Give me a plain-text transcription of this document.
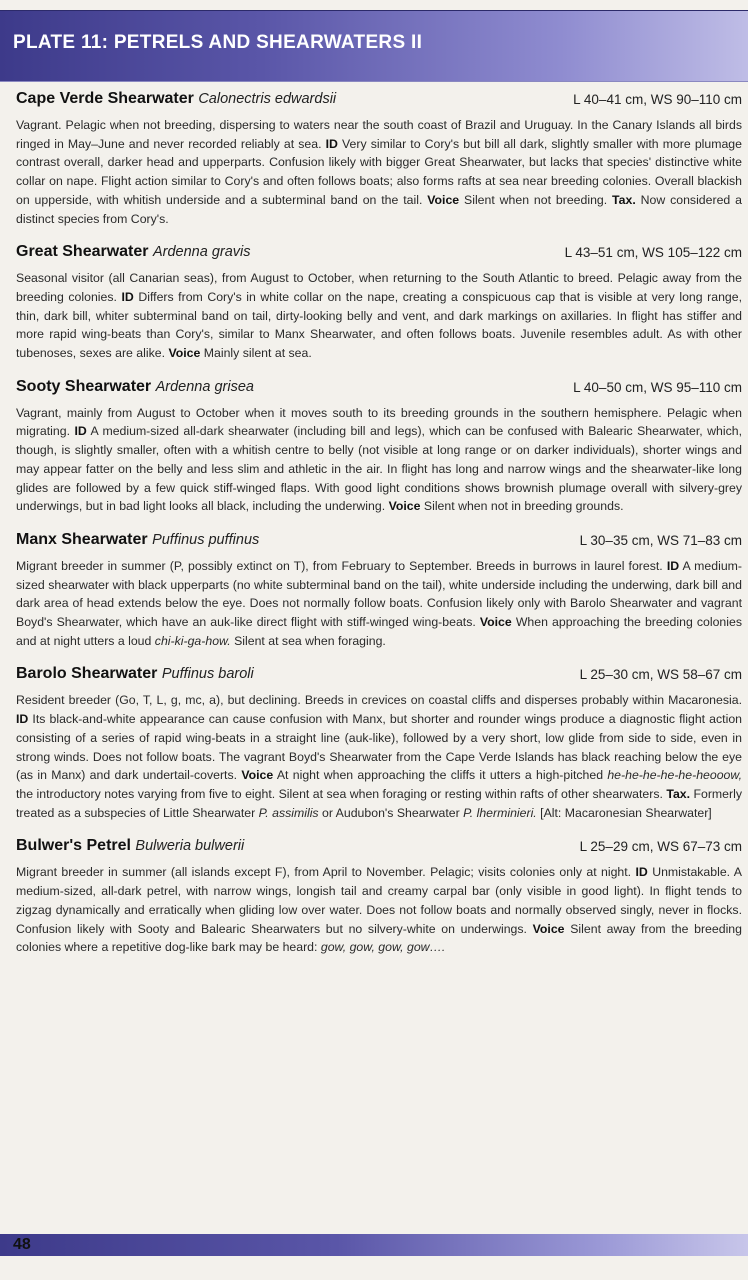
PLATE 11: PETRELS AND SHEARWATERS II
Cape Verde Shearwater Calonectris edwardsii	L 40–41 cm, WS 90–110 cm
Vagrant. Pelagic when not breeding, dispersing to waters near the south coast of Brazil and Uruguay. In the Canary Islands all birds ringed in May–June and never recorded reliably at sea. ID Very similar to Cory's but bill all dark, slightly smaller with more plumage contrast overall, darker head and upperparts. Confusion likely with bigger Great Shearwater, but lacks that species' distinctive white collar on nape. Flight action similar to Cory's and often follows boats; also forms rafts at sea near breeding colonies. Overall blackish on upperside, with whitish underside and a subterminal band on the tail. Voice Silent when not breeding. Tax. Now considered a distinct species from Cory's.
Great Shearwater Ardenna gravis	L 43–51 cm, WS 105–122 cm
Seasonal visitor (all Canarian seas), from August to October, when returning to the South Atlantic to breed. Pelagic away from the breeding colonies. ID Differs from Cory's in white collar on the nape, creating a conspicuous cap that is visible at very long range, thin, dark bill, whiter subterminal band on tail, dirty-looking belly and vent, and dark markings on axillaries. In flight has stiffer and more rapid wing-beats than Cory's, similar to Manx Shearwater, and often follows boats. Juvenile resembles adult. As with other tubenoses, sexes are alike. Voice Mainly silent at sea.
Sooty Shearwater Ardenna grisea	L 40–50 cm, WS 95–110 cm
Vagrant, mainly from August to October when it moves south to its breeding grounds in the southern hemisphere. Pelagic when migrating. ID A medium-sized all-dark shearwater (including bill and legs), which can be confused with Balearic Shearwater, which, though, is slightly smaller, often with a whitish centre to belly (not visible at long range or on darker individuals), shorter wings and may appear fatter on the belly and less slim and athletic in the air. In flight has long and narrow wings and the shearwater-like long glides are followed by a few quick stiff-winged flaps. With good light conditions shows brownish plumage overall with silvery-grey underwings, but in bad light looks all black, including the underwing. Voice Silent when not in breeding grounds.
Manx Shearwater Puffinus puffinus	L 30–35 cm, WS 71–83 cm
Migrant breeder in summer (P, possibly extinct on T), from February to September. Breeds in burrows in laurel forest. ID A medium-sized shearwater with black upperparts (no white subterminal band on the tail), white underside including the underwing, dark bill and dark area of head extends below the eye. Does not normally follow boats. Confusion likely only with Barolo Shearwater and vagrant Boyd's Shearwater, which have an auk-like direct flight with stiff-winged wing-beats. Voice When approaching the breeding colonies and at night utters a loud chi-ki-ga-how. Silent at sea when foraging.
Barolo Shearwater Puffinus baroli	L 25–30 cm, WS 58–67 cm
Resident breeder (Go, T, L, g, mc, a), but declining. Breeds in crevices on coastal cliffs and disperses probably within Macaronesia. ID Its black-and-white appearance can cause confusion with Manx, but shorter and rounder wings produce a diagnostic flight action consisting of a series of rapid wing-beats in a straight line (auk-like), followed by a very short, low glide from side to side, even in strong winds. Does not follow boats. The vagrant Boyd's Shearwater from the Cape Verde Islands has black reaching below the eye (as in Manx) and dark undertail-coverts. Voice At night when approaching the cliffs it utters a high-pitched he-he-he-he-he-heooow, the introductory notes varying from five to eight. Silent at sea when foraging or resting within rafts of other shearwaters. Tax. Formerly treated as a subspecies of Little Shearwater P. assimilis or Audubon's Shearwater P. lherminieri. [Alt: Macaronesian Shearwater]
Bulwer's Petrel Bulweria bulwerii	L 25–29 cm, WS 67–73 cm
Migrant breeder in summer (all islands except F), from April to November. Pelagic; visits colonies only at night. ID Unmistakable. A medium-sized, all-dark petrel, with narrow wings, longish tail and creamy carpal bar (only visible in good light). In flight tends to zigzag dynamically and erratically when gliding low over water. Does not follow boats and normally observed singly, never in flocks. Confusion likely with Sooty and Balearic Shearwaters but no silvery-white on underwings. Voice Silent away from the breeding colonies where a repetitive dog-like bark may be heard: gow, gow, gow, gow….
48
